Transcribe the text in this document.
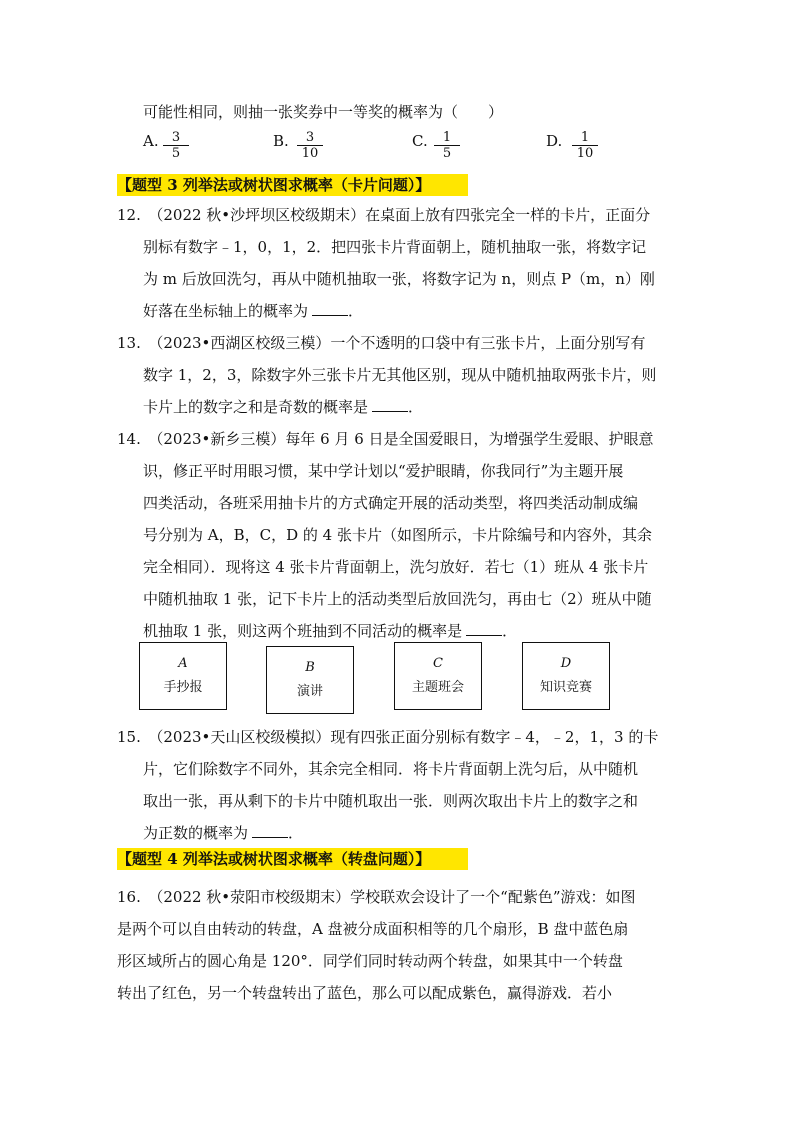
可能性相同，则抽一张奖券中一等奖的概率为（　　）
A. $\frac{3}{5}$	B. $\frac{3}{10}$	C. $\frac{1}{5}$	D. $\frac{1}{10}$
【题型 3 列举法或树状图求概率（卡片问题）】
12.　（2022 秋•沙坪坝区校级期末）在桌面上放有四张完全一样的卡片，正面分
别标有数字﹣1，0，1，2．把四张卡片背面朝上，随机抽取一张，将数字记
为 m 后放回洗匀，再从中随机抽取一张，将数字记为 n，则点 P（m，n）刚
好落在坐标轴上的概率为	．
13.　（2023•西湖区校级三模）一个不透明的口袋中有三张卡片，上面分别写有
数字 1，2，3，除数字外三张卡片无其他区别，现从中随机抽取两张卡片，则
卡片上的数字之和是奇数的概率是	．
14.　（2023•新乡三模）每年 6 月 6 日是全国爱眼日，为增强学生爱眼、护眼意
识，修正平时用眼习惯，某中学计划以“爱护眼睛，你我同行”为主题开展
四类活动，各班采用抽卡片的方式确定开展的活动类型，将四类活动制成编
号分别为 A，B，C，D 的 4 张卡片（如图所示，卡片除编号和内容外，其余
完全相同）．现将这 4 张卡片背面朝上，洗匀放好．若七（1）班从 4 张卡片
中随机抽取 1 张，记下卡片上的活动类型后放回洗匀，再由七（2）班从中随
机抽取 1 张，则这两个班抽到不同活动的概率是	．
A
手抄报
B
演讲
C
主题班会
D
知识竞赛
15.　（2023•天山区校级模拟）现有四张正面分别标有数字﹣4，﹣2，1，3 的卡
片，它们除数字不同外，其余完全相同．将卡片背面朝上洗匀后，从中随机
取出一张，再从剩下的卡片中随机取出一张．则两次取出卡片上的数字之和
为正数的概率为	．
【题型 4 列举法或树状图求概率（转盘问题）】
16.　（2022 秋•荥阳市校级期末）学校联欢会设计了一个“配紫色”游戏：如图
是两个可以自由转动的转盘，A 盘被分成面积相等的几个扇形，B 盘中蓝色扇
形区域所占的圆心角是 120°．同学们同时转动两个转盘，如果其中一个转盘
转出了红色，另一个转盘转出了蓝色，那么可以配成紫色，赢得游戏．若小
